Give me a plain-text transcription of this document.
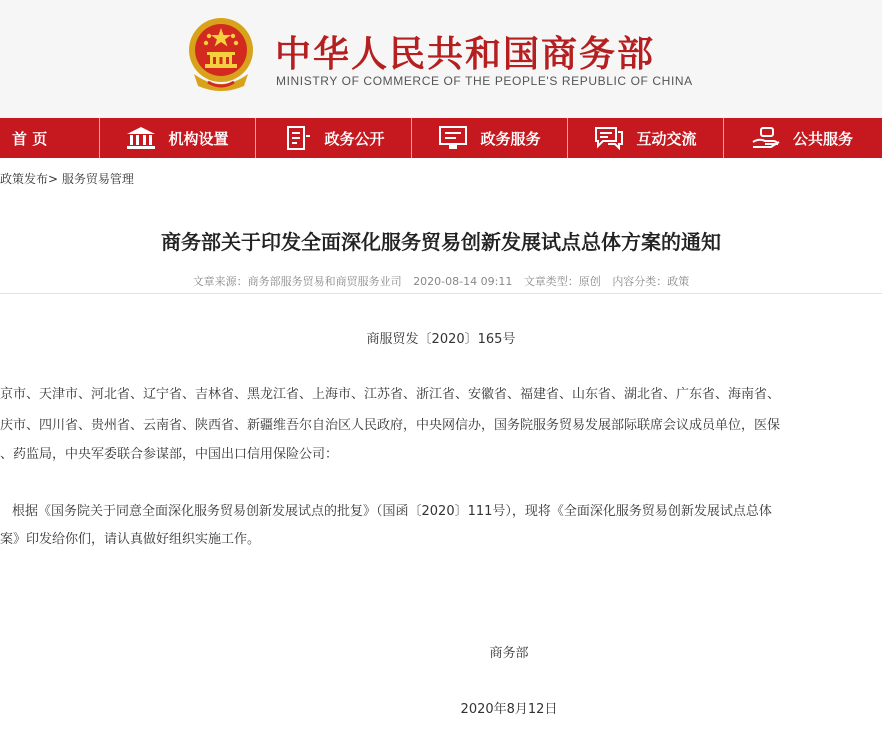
中华人民共和国商务部
MINISTRY OF COMMERCE OF THE PEOPLE'S REPUBLIC OF CHINA
首 页	机构设置	政务公开	政务服务	互动交流	公共服务
政策发布> 服务贸易管理
商务部关于印发全面深化服务贸易创新发展试点总体方案的通知
文章来源：商务部服务贸易和商贸服务业司 2020-08-14 09:11 文章类型：原创 内容分类：政策
商服贸发〔2020〕165号
京市、天津市、河北省、辽宁省、吉林省、黑龙江省、上海市、江苏省、浙江省、安徽省、福建省、山东省、湖北省、广东省、海南省、
庆市、四川省、贵州省、云南省、陕西省、新疆维吾尔自治区人民政府，中央网信办，国务院服务贸易发展部际联席会议成员单位，医保
、药监局，中央军委联合参谋部，中国出口信用保险公司：
根据《国务院关于同意全面深化服务贸易创新发展试点的批复》（国函〔2020〕111号），现将《全面深化服务贸易创新发展试点总体
案》印发给你们，请认真做好组织实施工作。
商务部
2020年8月12日
